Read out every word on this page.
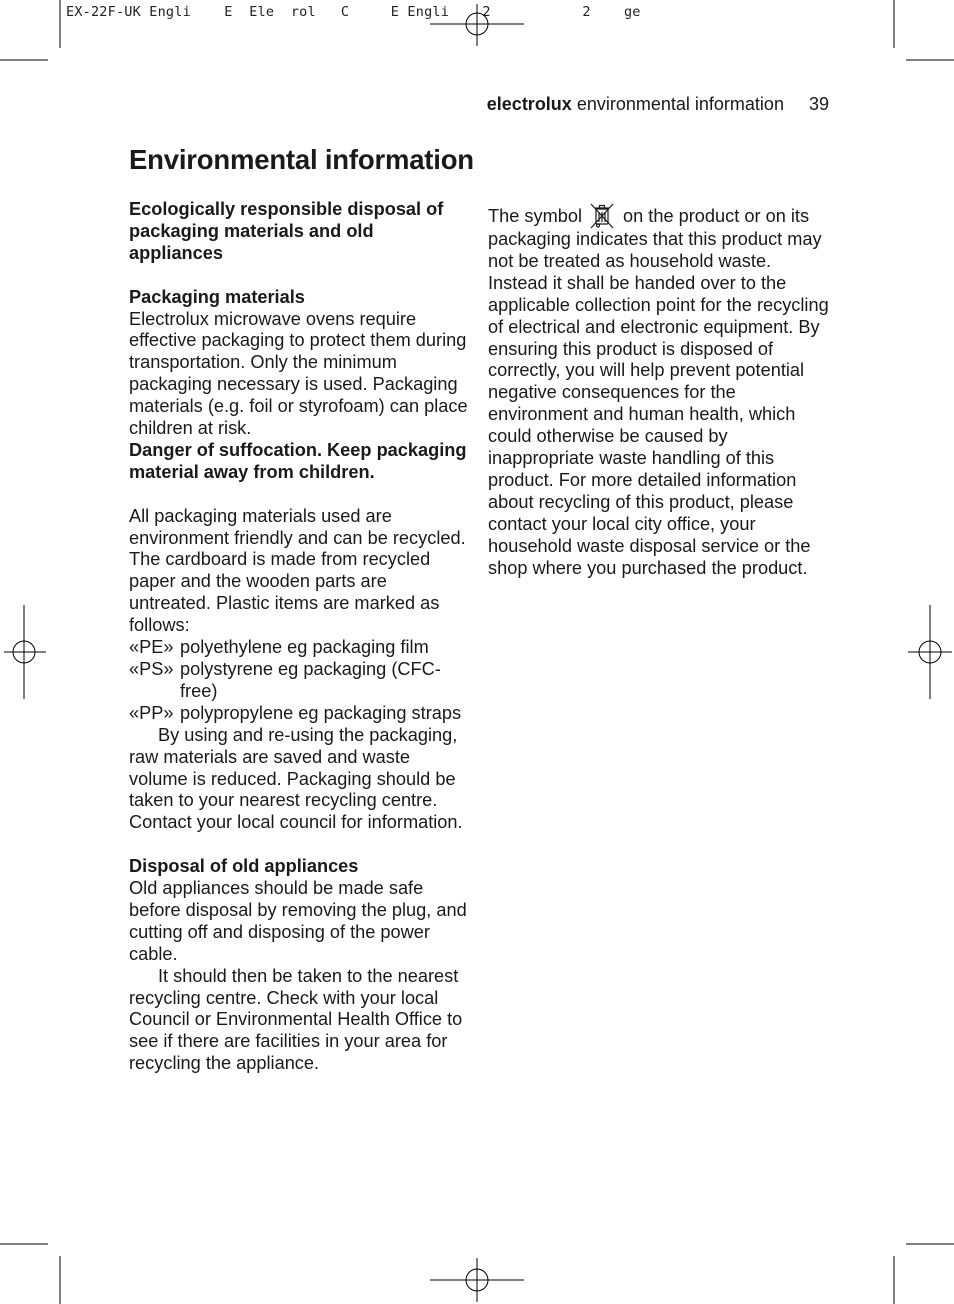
EX-22F-UK Engli    E  Ele  rol   C     E Engli    2           2    ge
electrolux environmental information 39
Environmental information

Ecologically responsible disposal of packaging materials and old appliances

Packaging materials

Electrolux microwave ovens require effective packaging to protect them during transportation. Only the minimum packaging necessary is used. Packaging materials (e.g. foil or styrofoam) can place children at risk.

Danger of suffocation. Keep packaging material away from children.

All packaging materials used are environment friendly and can be recycled. The cardboard is made from recycled paper and the wooden parts are untreated. Plastic items are marked as follows:

«PE» polyethylene eg packaging film
«PS» polystyrene eg packaging (CFC-free)
«PP» polypropylene eg packaging straps

By using and re-using the packaging, raw materials are saved and waste volume is reduced. Packaging should be taken to your nearest recycling centre. Contact your local council for information.

Disposal of old appliances

Old appliances should be made safe before disposal by removing the plug, and cutting off and disposing of the power cable.

It should then be taken to the nearest recycling centre. Check with your local Council or Environmental Health Office to see if there are facilities in your area for recycling the appliance.

The symbol on the product or on its packaging indicates that this product may not be treated as household waste. Instead it shall be handed over to the applicable collection point for the recycling of electrical and electronic equipment. By ensuring this product is disposed of correctly, you will help prevent potential negative consequences for the environment and human health, which could otherwise be caused by inappropriate waste handling of this product. For more detailed information about recycling of this product, please contact your local city office, your household waste disposal service or the shop where you purchased the product.
